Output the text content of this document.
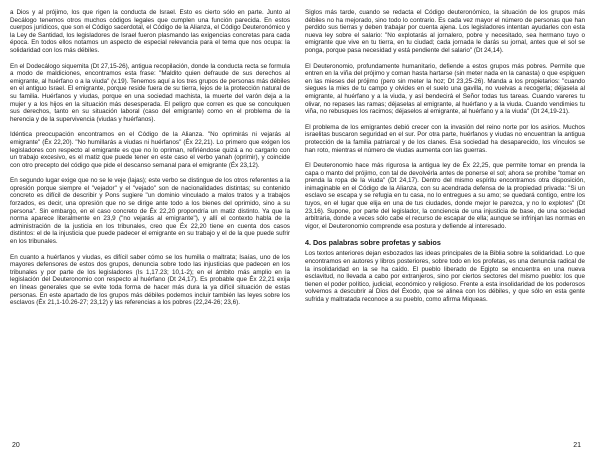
a Dios y al prójimo, los que rigen la conducta de Israel. Esto es cierto sólo en parte. Junto al Decálogo tenemos otros muchos códigos legales que cumplen una función parecida. En estos cuerpos jurídicos, que son el Código sacerdotal, el Código de la Alianza, el Código Deuteronómico y la Ley de Santidad, los legisladores de Israel fueron plasmando las exigencias concretas para cada época. En todos ellos notamos un aspecto de especial relevancia para el tema que nos ocupa: la solidaridad con los más débiles.

En el Dodecálogo siquemita (Dt 27,15-26), antigua recopilación, donde la conducta recta se formula a modo de maldiciones, encontramos esta frase: "Maldito quien defraude de sus derechos al emigrante, al huérfano o a la viuda" (v.19). Tenemos aquí a los tres grupos de personas más débiles en el antiguo Israel. El emigrante, porque reside fuera de su tierra, lejos de la protección natural de su familia. Huérfanos y viudas, porque en una sociedad machista, la muerte del varón deja a la mujer y a los hijos en la situación más desesperada. El peligro que corren es que se conculquen sus derechos, tanto en su situación laboral (caso del emigrante) como en el problema de la herencia y de la supervivencia (viudas y huérfanos).

Idéntica preocupación encontramos en el Código de la Alianza. "No oprimirás ni vejarás al emigrante" (Éx 22,20). "No humillarás a viudas ni huérfanos" (Éx 22,21). Lo primero que exigen los legisladores con respecto al emigrante es que no lo opriman, refiriéndose quizá a no cargarlo con un trabajo excesivo, es el matiz que puede tener en este caso el verbo yanah (oprimir), y coincide con otro precepto del código que pide el descanso semanal para el emigrante (Éx 23,12).

En segundo lugar exige que no se le veje (lajas); este verbo se distingue de los otros referentes a la opresión porque siempre el "vejador" y el "vejado" son de nacionalidades distintas; su contenido concreto es difícil de describir y Pons sugiere "un dominio vinculado a malos tratos y a trabajos forzados, es decir, una opresión que no se dirige ante todo a los bienes del oprimido, sino a su persona". Sin embargo, en el caso concreto de Éx 22,20 propondría un matiz distinto. Ya que la norma aparece literalmente en 23,9 ("no vejarás al emigrante"), y allí el contexto habla de la administración de la justicia en los tribunales, creo que Éx 22,20 tiene en cuenta dos casos distintos: el de la injusticia que puede padecer el emigrante en su trabajo y el de la que puede sufrir en los tribunales.

En cuanto a huérfanos y viudas, es difícil saber cómo se los humilla o maltrata; Isaías, uno de los mayores defensores de estos dos grupos, denuncia sobre todo las injusticias que padecen en los tribunales y por parte de los legisladores (Is 1,17.23; 10,1-2); en el ámbito más amplio en la legislación del Deuteronomio con respecto al huérfano (Dt 24,17). Es probable que Éx 22,21 exija en líneas generales que se evite toda forma de hacer más dura la ya difícil situación de estas personas. En este apartado de los grupos más débiles podemos incluir también las leyes sobre los esclavos (Éx 21,1-10.26-27; 23,12) y las referencias a los pobres (22,24-26; 23,6).

20

Siglos más tarde, cuando se redacta el Código deuteronómico, la situación de los grupos más débiles no ha mejorado, sino todo lo contrario. Es cada vez mayor el número de personas que han perdido sus tierras y deben trabajar por cuenta ajena. Los legisladores intentan ayudarles con esta nueva ley sobre el salario: "No explotarás al jornalero, pobre y necesitado, sea hermano tuyo o emigrante que vive en tu tierra, en tu ciudad; cada jornada le darás su jornal, antes que el sol se ponga, porque pasa necesidad y está pendiente del salario" (Dt 24,14).

El Deuteronomio, profundamente humanitario, defiende a estos grupos más pobres. Permite que entren en la viña del prójimo y coman hasta hartarse (sin meter nada en la canasta) o que espiguen en las mieses del prójimo (pero sin meter la hoz; Dt 23,25-26). Manda a los propietarios: "cuando siegues la mies de tu campo y olvides en el suelo una gavilla, no vuelvas a recogerla; déjasela al emigrante, al huérfano y a la viuda, y así bendecirá el Señor todas tus tareas. Cuando vareres tu olivar, no repases las ramas; déjaselas al emigrante, al huérfano y a la viuda. Cuando vendimies tu viña, no rebusques los racimos; déjaselos al emigrante, al huérfano y a la viuda" (Dt 24,19-21).

El problema de los emigrantes debió crecer con la invasión del reino norte por los asirios. Muchos israelitas buscaron seguridad en el sur. Por otra parte, huérfanos y viudas no encuentran la antigua protección de la familia patriarcal y de los clanes. Esa sociedad ha desaparecido, los vínculos se han roto, mientras el número de viudas aumenta con las guerras.

El Deuteronomio hace más rigurosa la antigua ley de Éx 22,25, que permite tomar en prenda la capa o manto del prójimo, con tal de devolvérla antes de ponerse el sol; ahora se prohíbe "tomar en prenda la ropa de la viuda" (Dt 24,17). Dentro del mismo espíritu encontramos otra disposición, inimaginable en el Código de la Alianza, con su acendrada defensa de la propiedad privada: "Si un esclavo se escapa y se refugia en tu casa, no lo entregues a su amo; se quedará contigo, entre los tuyos, en el lugar que elija en una de tus ciudades, donde mejor le parezca, y no lo explotes" (Dt 23,16). Supone, por parte del legislador, la conciencia de una injusticia de base, de una sociedad arbitraria, donde a veces sólo cabe el recurso de escapar de ella; aunque se infrinjan las normas en vigor, el Deuteronomio comprende esa postura y defiende al interesado.

4. Dos palabras sobre profetas y sabios

Los textos anteriores dejan esbozados las ideas principales de la Biblia sobre la solidaridad. Lo que encontramos en autores y libros posteriores, sobre todo en los profetas, es una denuncia radical de la insolidaridad en la se ha caído. El pueblo liberado de Egipto se encuentra en una nueva esclavitud, no llevada a cabo por extranjeros, sino por ciertos sectores del mismo pueblo: los que tienen el poder político, judicial, económico y religioso. Frente a esta insolidaridad de los poderosos volvemos a descubrir al Dios del Éxodo, que se alinea con los débiles, y que sólo en esta gente sufrida y maltratada reconoce a su pueblo, como afirma Miqueas.

21
